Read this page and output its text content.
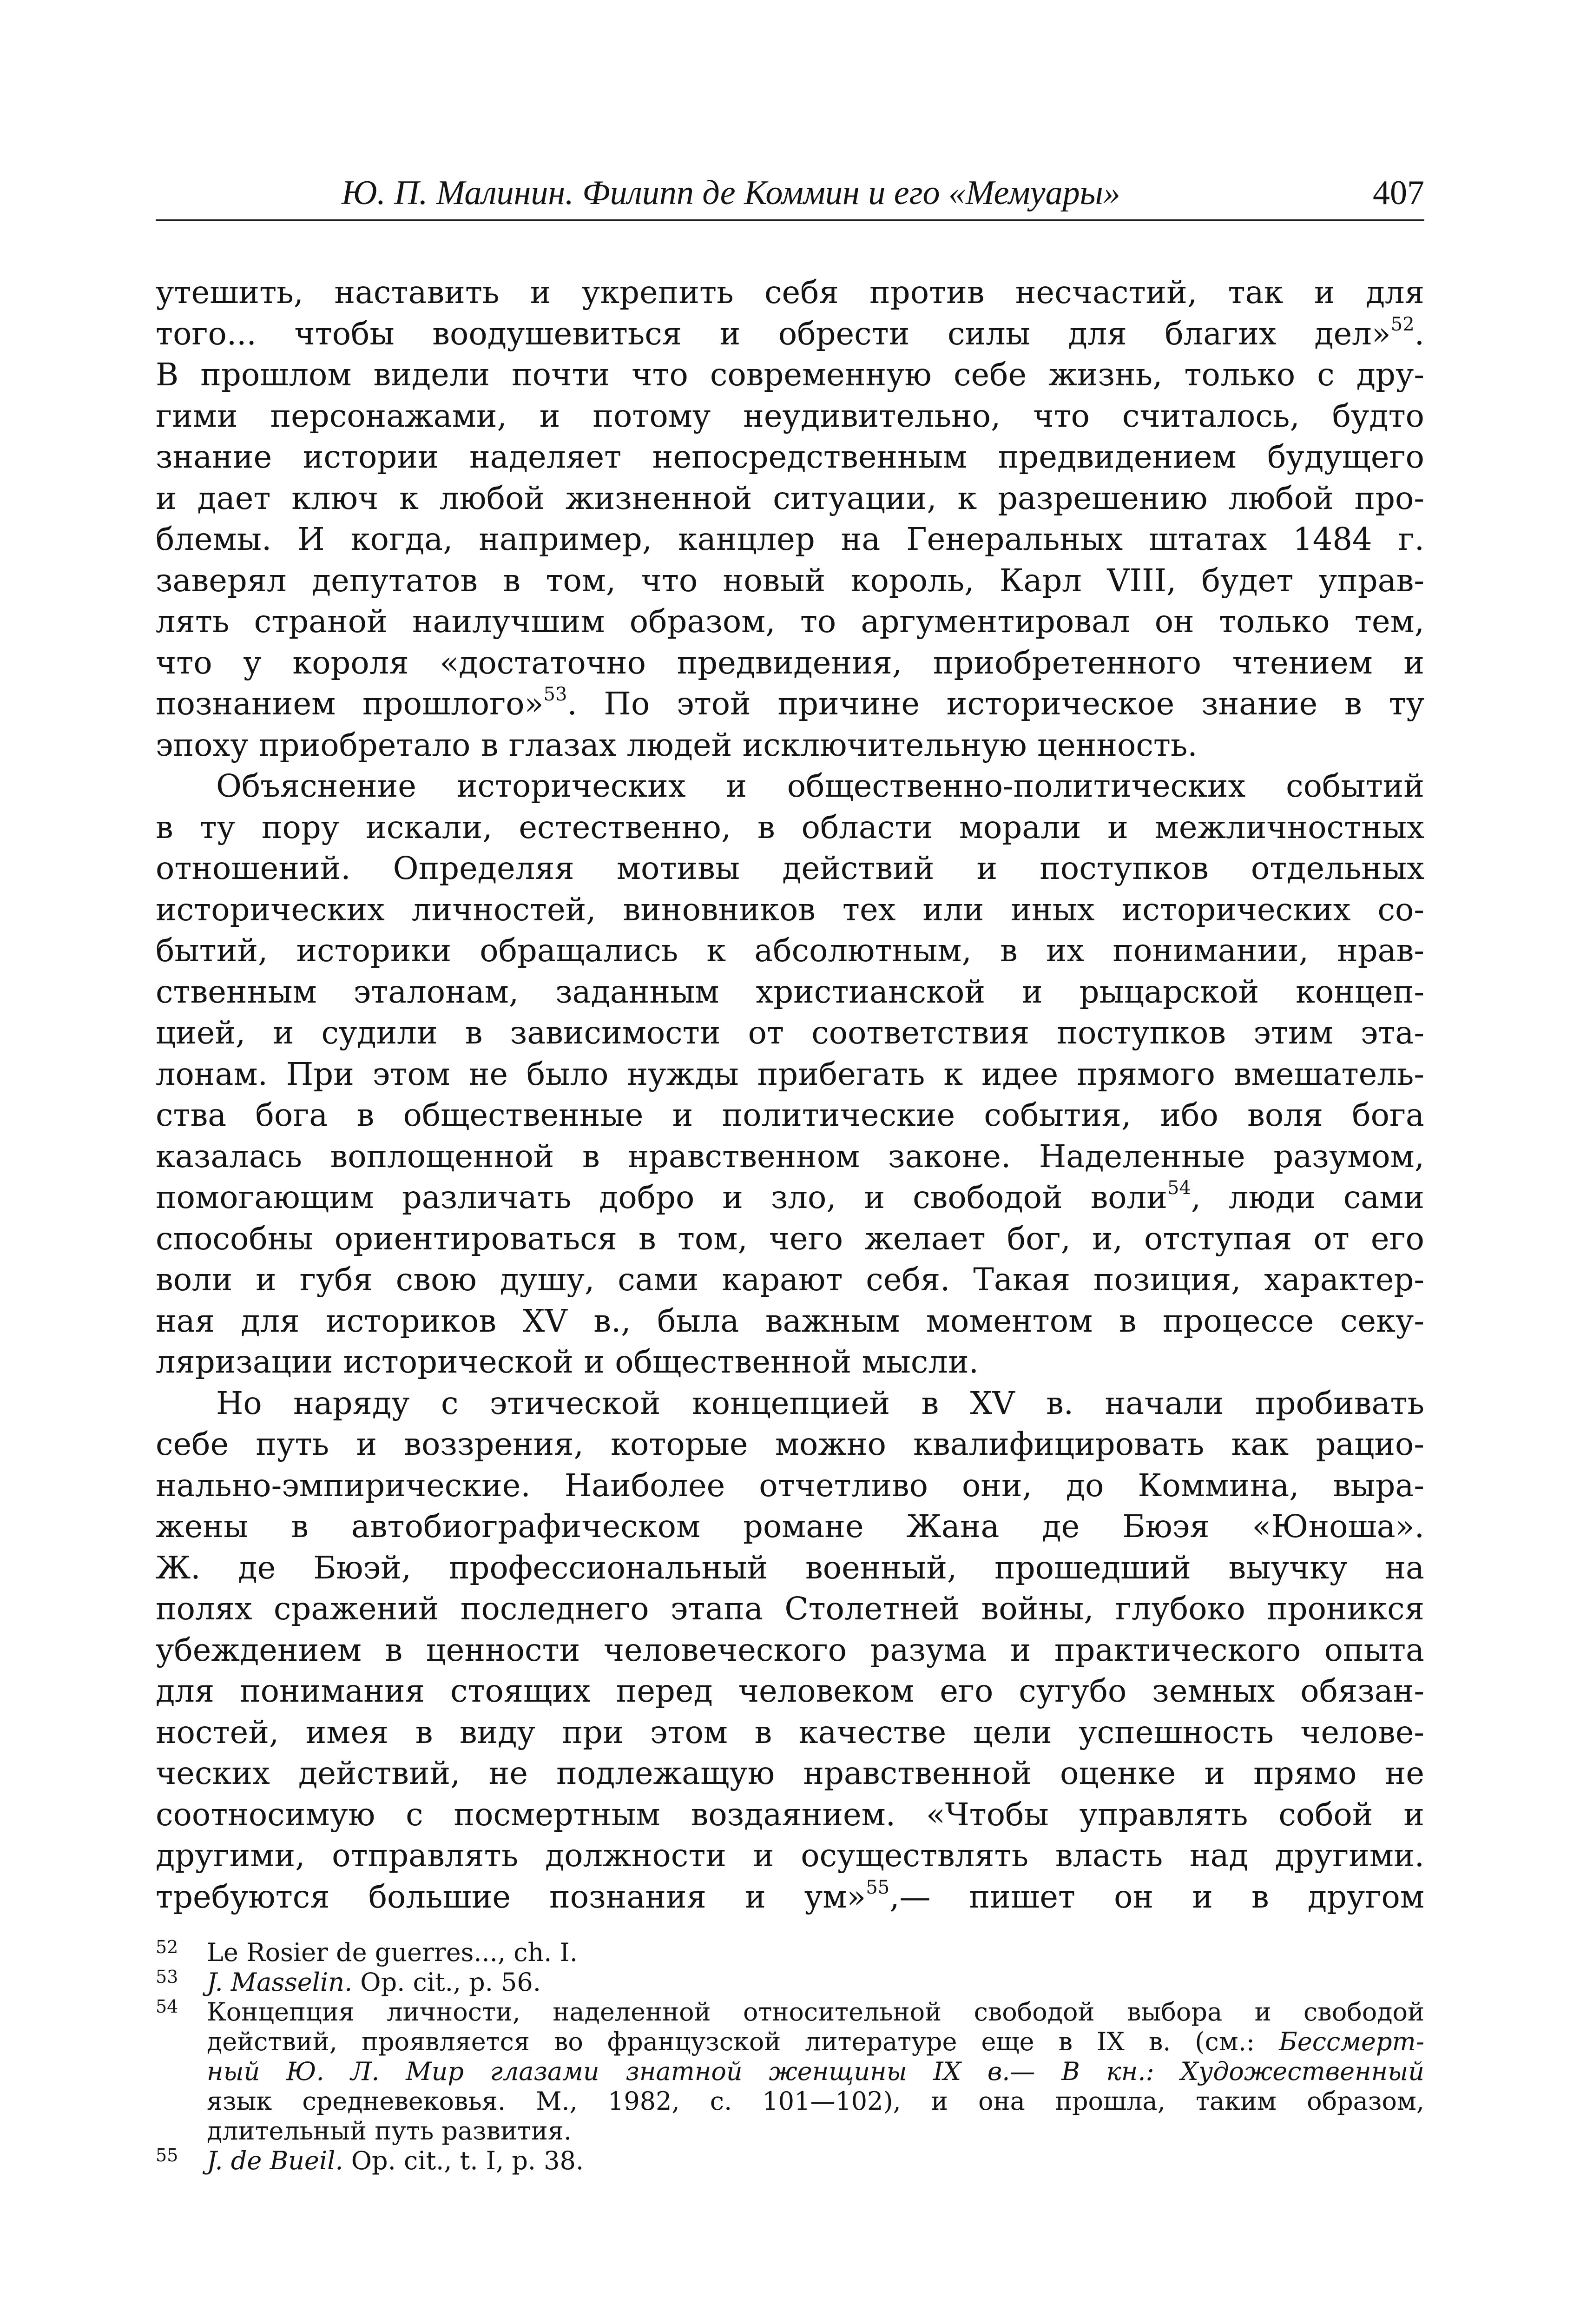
Ю. П. Малинин. Филипп де Коммин и его «Мемуары»	407

утешить, наставить и укрепить себя против несчастий, так и для
того... чтобы воодушевиться и обрести силы для благих дел»$^{52}$.
В прошлом видели почти что современную себе жизнь, только с дру-
гими персонажами, и потому неудивительно, что считалось, будто
знание истории наделяет непосредственным предвидением будущего
и дает ключ к любой жизненной ситуации, к разрешению любой про-
блемы. И когда, например, канцлер на Генеральных штатах 1484 г.
заверял депутатов в том, что новый король, Карл VIII, будет управ-
лять страной наилучшим образом, то аргументировал он только тем,
что у короля «достаточно предвидения, приобретенного чтением и
познанием прошлого»$^{53}$. По этой причине историческое знание в ту
эпоху приобретало в глазах людей исключительную ценность.

Объяснение исторических и общественно-политических событий
в ту пору искали, естественно, в области морали и межличностных
отношений. Определяя мотивы действий и поступков отдельных
исторических личностей, виновников тех или иных исторических со-
бытий, историки обращались к абсолютным, в их понимании, нрав-
ственным эталонам, заданным христианской и рыцарской концеп-
цией, и судили в зависимости от соответствия поступков этим эта-
лонам. При этом не было нужды прибегать к идее прямого вмешатель-
ства бога в общественные и политические события, ибо воля бога
казалась воплощенной в нравственном законе. Наделенные разумом,
помогающим различать добро и зло, и свободой воли$^{54}$, люди сами
способны ориентироваться в том, чего желает бог, и, отступая от его
воли и губя свою душу, сами карают себя. Такая позиция, характер-
ная для историков XV в., была важным моментом в процессе секу-
ляризации исторической и общественной мысли.

Но наряду с этической концепцией в XV в. начали пробивать
себе путь и воззрения, которые можно квалифицировать как рацио-
нально-эмпирические. Наиболее отчетливо они, до Коммина, выра-
жены в автобиографическом романе Жана де Бюэя «Юноша».
Ж. де Бюэй, профессиональный военный, прошедший выучку на
полях сражений последнего этапа Столетней войны, глубоко проникся
убеждением в ценности человеческого разума и практического опыта
для понимания стоящих перед человеком его сугубо земных обязан-
ностей, имея в виду при этом в качестве цели успешность челове-
ческих действий, не подлежащую нравственной оценке и прямо не
соотносимую с посмертным воздаянием. «Чтобы управлять собой и
другими, отправлять должности и осуществлять власть над другими.
требуются большие познания и ум»$^{55}$,— пишет он и в другом

52 Le Rosier de guerres..., ch. I.
53 J. Masselin. Op. cit., p. 56.
54 Концепция личности, наделенной относительной свободой выбора и свободой
действий, проявляется во французской литературе еще в IX в. (см.: Бессмерт-
ный Ю. Л. Мир глазами знатной женщины IX в.— В кн.: Художественный
язык средневековья. М., 1982, с. 101—102), и она прошла, таким образом,
длительный путь развития.
55 J. de Bueil. Op. cit., t. I, p. 38.
